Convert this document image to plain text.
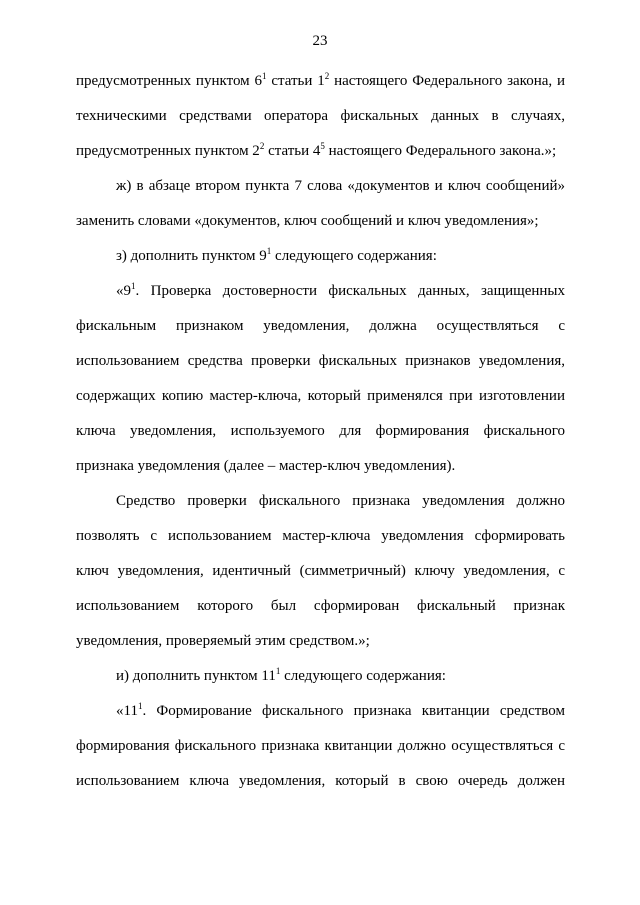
23
предусмотренных пунктом $6^1$ статьи $1^2$ настоящего Федерального закона, и
техническими средствами оператора фискальных данных в случаях,
предусмотренных пунктом $2^2$ статьи $4^5$ настоящего Федерального закона.»;
ж) в абзаце втором пункта 7 слова «документов и ключ сообщений»
заменить словами «документов, ключ сообщений и ключ уведомления»;
з) дополнить пунктом $9^1$ следующего содержания:
«$9^1$. Проверка достоверности фискальных данных, защищенных
фискальным признаком уведомления, должна осуществляться с
использованием средства проверки фискальных признаков уведомления,
содержащих копию мастер-ключа, который применялся при изготовлении
ключа уведомления, используемого для формирования фискального
признака уведомления (далее – мастер-ключ уведомления).
Средство проверки фискального признака уведомления должно
позволять с использованием мастер-ключа уведомления сформировать
ключ уведомления, идентичный (симметричный) ключу уведомления, с
использованием которого был сформирован фискальный признак
уведомления, проверяемый этим средством.»;
и) дополнить пунктом $11^1$ следующего содержания:
«$11^1$. Формирование фискального признака квитанции средством
формирования фискального признака квитанции должно осуществляться с
использованием ключа уведомления, который в свою очередь должен
